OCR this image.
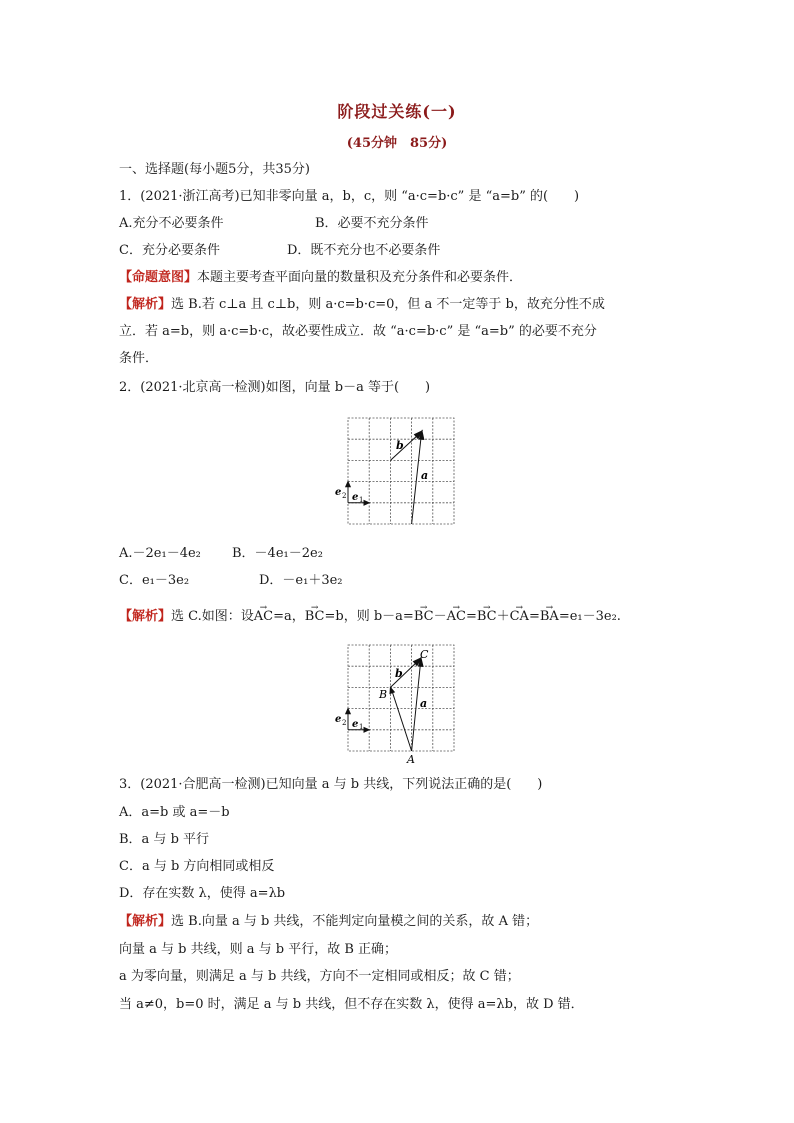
阶段过关练(一)
(45分钟　85分)
一、选择题(每小题5分，共35分)
1．(2021·浙江高考)已知非零向量 a，b，c，则 “a·c=b·c” 是 “a=b” 的(　　)
A.充分不必要条件	B．必要不充分条件
C．充分必要条件	D．既不充分也不必要条件
【命题意图】本题主要考查平面向量的数量积及充分条件和必要条件．
【解析】选 B.若 c⊥a 且 c⊥b，则 a·c=b·c=0，但 a 不一定等于 b，故充分性不成
立．若 a=b，则 a·c=b·c，故必要性成立．故 “a·c=b·c” 是 “a=b” 的必要不充分
条件．
2．(2021·北京高一检测)如图，向量 b－a 等于(　　)
b
a
e 2 e 1
A.－2e₁－4e₂ B．－4e₁－2e₂
C．e₁－3e₂	D．－e₁＋3e₂
【解析】选 C.如图：设→ AC=a，→ BC=b，则 b－a=→ BC－→ AC=→ BC＋→ CA=→ BA=e₁－3e₂.
b
a
C
B
A
e 2 e 1
3．(2021·合肥高一检测)已知向量 a 与 b 共线，下列说法正确的是(　　)
A．a=b 或 a=－b
B．a 与 b 平行
C．a 与 b 方向相同或相反
D．存在实数 λ，使得 a=λb
【解析】选 B.向量 a 与 b 共线，不能判定向量模之间的关系，故 A 错；
向量 a 与 b 共线，则 a 与 b 平行，故 B 正确；
a 为零向量，则满足 a 与 b 共线，方向不一定相同或相反；故 C 错；
当 a≠0，b=0 时，满足 a 与 b 共线，但不存在实数 λ，使得 a=λb，故 D 错．
